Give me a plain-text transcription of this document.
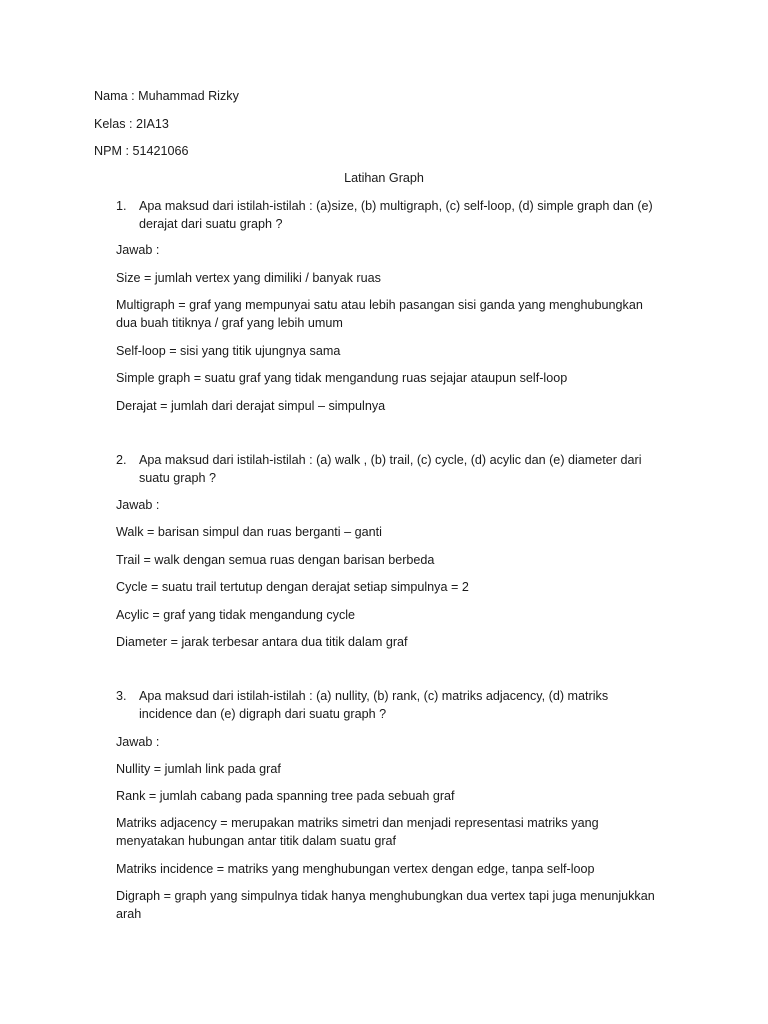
Nama : Muhammad Rizky
Kelas : 2IA13
NPM : 51421066
Latihan Graph
1. Apa maksud dari istilah-istilah : (a)size, (b) multigraph, (c) self-loop, (d) simple graph dan (e)
derajat dari suatu graph ?
Jawab :
Size = jumlah vertex yang dimiliki / banyak ruas
Multigraph = graf yang mempunyai satu atau lebih pasangan sisi ganda yang menghubungkan
dua buah titiknya / graf yang lebih umum
Self-loop = sisi yang titik ujungnya sama
Simple graph = suatu graf yang tidak mengandung ruas sejajar ataupun self-loop
Derajat = jumlah dari derajat simpul – simpulnya
2. Apa maksud dari istilah-istilah : (a) walk , (b) trail, (c) cycle, (d) acylic dan (e) diameter dari
suatu graph ?
Jawab :
Walk = barisan simpul dan ruas berganti – ganti
Trail = walk dengan semua ruas dengan barisan berbeda
Cycle = suatu trail tertutup dengan derajat setiap simpulnya = 2
Acylic = graf yang tidak mengandung cycle
Diameter = jarak terbesar antara dua titik dalam graf
3. Apa maksud dari istilah-istilah : (a) nullity, (b) rank, (c) matriks adjacency, (d) matriks
incidence dan (e) digraph dari suatu graph ?
Jawab :
Nullity = jumlah link pada graf
Rank = jumlah cabang pada spanning tree pada sebuah graf
Matriks adjacency = merupakan matriks simetri dan menjadi representasi matriks yang
menyatakan hubungan antar titik dalam suatu graf
Matriks incidence = matriks yang menghubungan vertex dengan edge, tanpa self-loop
Digraph = graph yang simpulnya tidak hanya menghubungkan dua vertex tapi juga menunjukkan
arah
